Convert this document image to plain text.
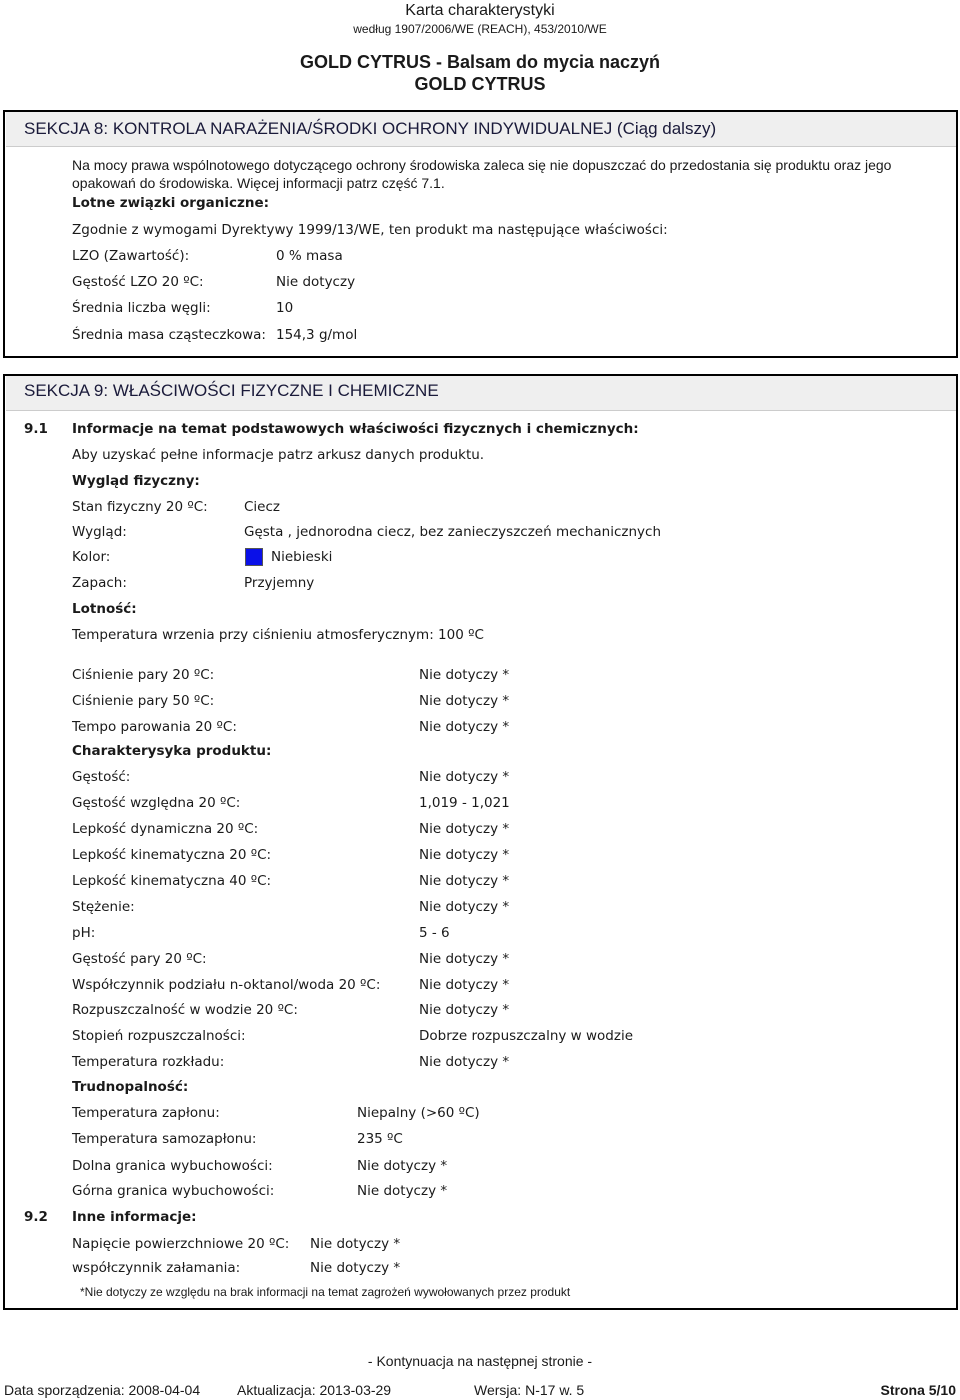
Karta charakterystyki
według 1907/2006/WE (REACH), 453/2010/WE
GOLD CYTRUS - Balsam do mycia naczyń
GOLD CYTRUS
SEKCJA 8: KONTROLA NARAŻENIA/ŚRODKI OCHRONY INDYWIDUALNEJ (Ciąg dalszy)
Na mocy prawa wspólnotowego dotyczącego ochrony środowiska zaleca się nie dopuszczać do przedostania się produktu oraz jego
opakowań do środowiska. Więcej informacji patrz część 7.1.
Lotne związki organiczne:
Zgodnie z wymogami Dyrektywy 1999/13/WE, ten produkt ma następujące właściwości:
LZO (Zawartość):	0 % masa
Gęstość LZO 20 ºC:	Nie dotyczy
Średnia liczba węgli:	10
Średnia masa cząsteczkowa: 154,3 g/mol
SEKCJA 9: WŁAŚCIWOŚCI FIZYCZNE I CHEMICZNE
9.1 Informacje na temat podstawowych właściwości fizycznych i chemicznych:
Aby uzyskać pełne informacje patrz arkusz danych produktu.
Wygląd fizyczny:
Stan fizyczny 20 ºC:	Ciecz
Wygląd:	Gęsta , jednorodna ciecz, bez zanieczyszczeń mechanicznych
Kolor:	Niebieski
Zapach:	Przyjemny
Lotność:
Temperatura wrzenia przy ciśnieniu atmosferycznym: 100 ºC
Ciśnienie pary 20 ºC:	Nie dotyczy *
Ciśnienie pary 50 ºC:	Nie dotyczy *
Tempo parowania 20 ºC:	Nie dotyczy *
Charakterysyka produktu:
Gęstość:	Nie dotyczy *
Gęstość względna 20 ºC:	1,019 - 1,021
Lepkość dynamiczna 20 ºC:	Nie dotyczy *
Lepkość kinematyczna 20 ºC:	Nie dotyczy *
Lepkość kinematyczna 40 ºC:	Nie dotyczy *
Stężenie:	Nie dotyczy *
pH:	5 - 6
Gęstość pary 20 ºC:	Nie dotyczy *
Współczynnik podziału n-oktanol/woda 20 ºC:	Nie dotyczy *
Rozpuszczalność w wodzie 20 ºC:	Nie dotyczy *
Stopień rozpuszczalności:	Dobrze rozpuszczalny w wodzie
Temperatura rozkładu:	Nie dotyczy *
Trudnopalność:
Temperatura zapłonu:	Niepalny (>60 ºC)
Temperatura samozapłonu:	235 ºC
Dolna granica wybuchowości:	Nie dotyczy *
Górna granica wybuchowości:	Nie dotyczy *
9.2 Inne informacje:
Napięcie powierzchniowe 20 ºC: Nie dotyczy *
współczynnik załamania:	Nie dotyczy *
*Nie dotyczy ze względu na brak informacji na temat zagrożeń wywołowanych przez produkt
- Kontynuacja na następnej stronie -
Data sporządzenia: 2008-04-04	Aktualizacja: 2013-03-29	Wersja: N-17 w. 5	Strona 5/10
